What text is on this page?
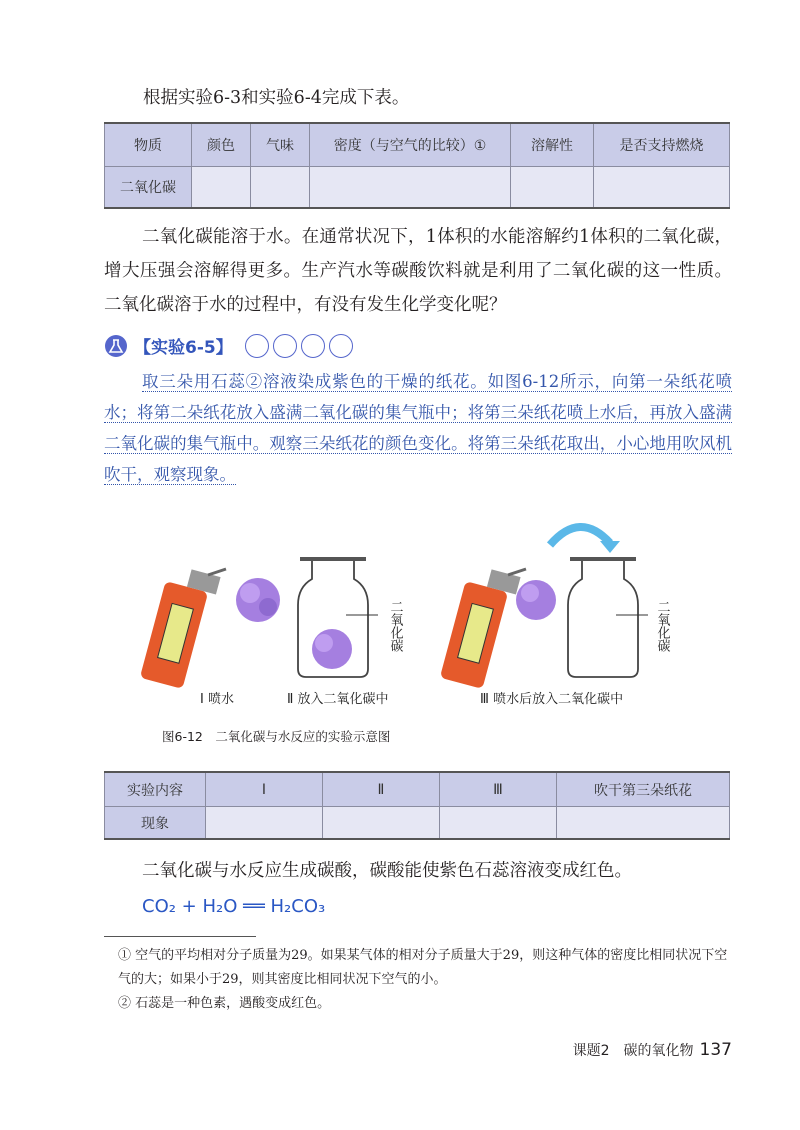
根据实验6-3和实验6-4完成下表。
物质	颜色	气味	密度（与空气的比较）①	溶解性	是否支持燃烧
二氧化碳					
二氧化碳能溶于水。在通常状况下，1体积的水能溶解约1体积的二氧化碳，增大压强会溶解得更多。生产汽水等碳酸饮料就是利用了二氧化碳的这一性质。二氧化碳溶于水的过程中，有没有发生化学变化呢？
【实验6-5】
取三朵用石蕊②溶液染成紫色的干燥的纸花。如图6-12所示，向第一朵纸花喷水；将第二朵纸花放入盛满二氧化碳的集气瓶中；将第三朵纸花喷上水后，再放入盛满二氧化碳的集气瓶中。观察三朵纸花的颜色变化。将第三朵纸花取出，小心地用吹风机吹干，观察现象。
二氧化碳	二氧化碳
Ⅰ 喷水	Ⅱ 放入二氧化碳中	Ⅲ 喷水后放入二氧化碳中
图6-12　二氧化碳与水反应的实验示意图
实验内容	Ⅰ	Ⅱ	Ⅲ	吹干第三朵纸花
现象				
二氧化碳与水反应生成碳酸，碳酸能使紫色石蕊溶液变成红色。
CO₂ + H₂O ══ H₂CO₃
① 空气的平均相对分子质量为29。如果某气体的相对分子质量大于29，则这种气体的密度比相同状况下空气的大；如果小于29，则其密度比相同状况下空气的小。
② 石蕊是一种色素，遇酸变成红色。
课题2　碳的氧化物 137
